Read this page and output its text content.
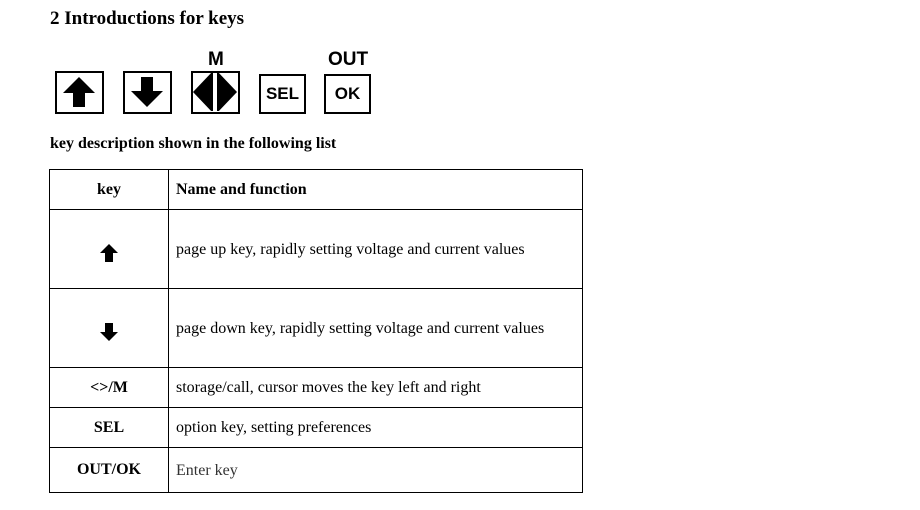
2 Introductions for keys
M
SEL
OUT
OK
key description shown in the following list
key	Name and function

	page up key, rapidly setting voltage and current values

	page down key, rapidly setting voltage and current values
<>/M	storage/call, cursor moves the key left and right
SEL	option key, setting preferences
OUT/OK	Enter key
